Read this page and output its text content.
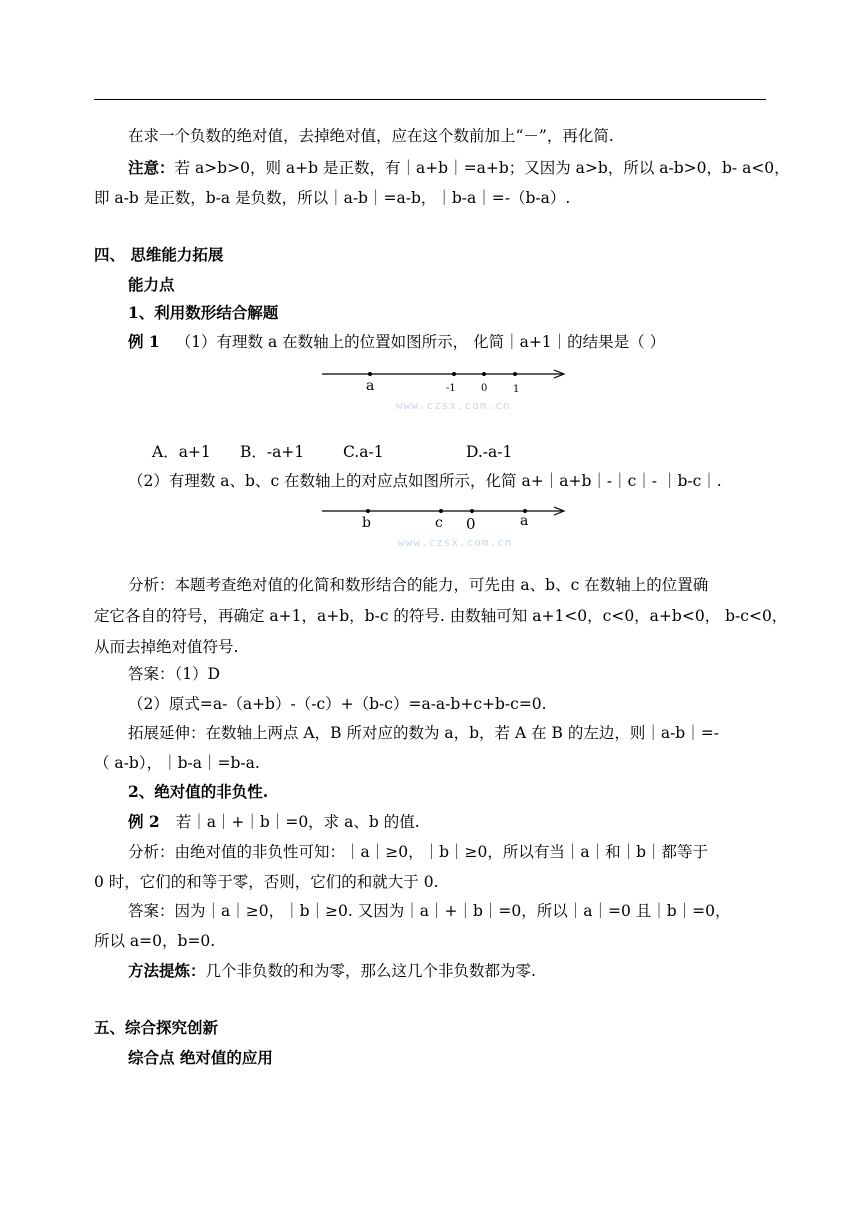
在求一个负数的绝对值，去掉绝对值，应在这个数前加上“－”，再化简.
注意：若 a>b>0，则 a+b 是正数，有｜a+b｜=a+b；又因为 a>b，所以 a-b>0，b- a<0，
即 a-b 是正数，b-a 是负数，所以｜a-b｜=a-b，｜b-a｜=-（b-a）.
四、 思维能力拓展
能力点
1、利用数形结合解题
例 1 （1）有理数 a 在数轴上的位置如图所示， 化简｜a+1｜的结果是（ ）
a	-1	0	1
www.czsx.com.cn
A．a+1 B．-a+1	C.a-1	D.-a-1
（2）有理数 a、b、c 在数轴上的对应点如图所示，化简 a+｜a+b｜-｜c｜- ｜b-c｜.
b	c 0	a
www.czsx.com.cn
分析：本题考查绝对值的化简和数形结合的能力，可先由 a、b、c 在数轴上的位置确
定它各自的符号，再确定 a+1，a+b，b-c 的符号. 由数轴可知 a+1<0，c<0，a+b<0， b-c<0，
从而去掉绝对值符号.
答案：（1）D
（2）原式=a-（a+b）-（-c）+（b-c）=a-a-b+c+b-c=0.
拓展延伸：在数轴上两点 A，B 所对应的数为 a，b，若 A 在 B 的左边，则｜a-b｜=-
（ a-b），｜b-a｜=b-a.
2、绝对值的非负性.
例 2 若｜a｜+｜b｜=0，求 a、b 的值.
分析：由绝对值的非负性可知：｜a｜≥0，｜b｜≥0，所以有当｜a｜和｜b｜都等于
0 时，它们的和等于零，否则，它们的和就大于 0.
答案：因为｜a｜≥0，｜b｜≥0. 又因为｜a｜+｜b｜=0，所以｜a｜=0 且｜b｜=0，
所以 a=0，b=0.
方法提炼：几个非负数的和为零，那么这几个非负数都为零.
五、综合探究创新
综合点 绝对值的应用
